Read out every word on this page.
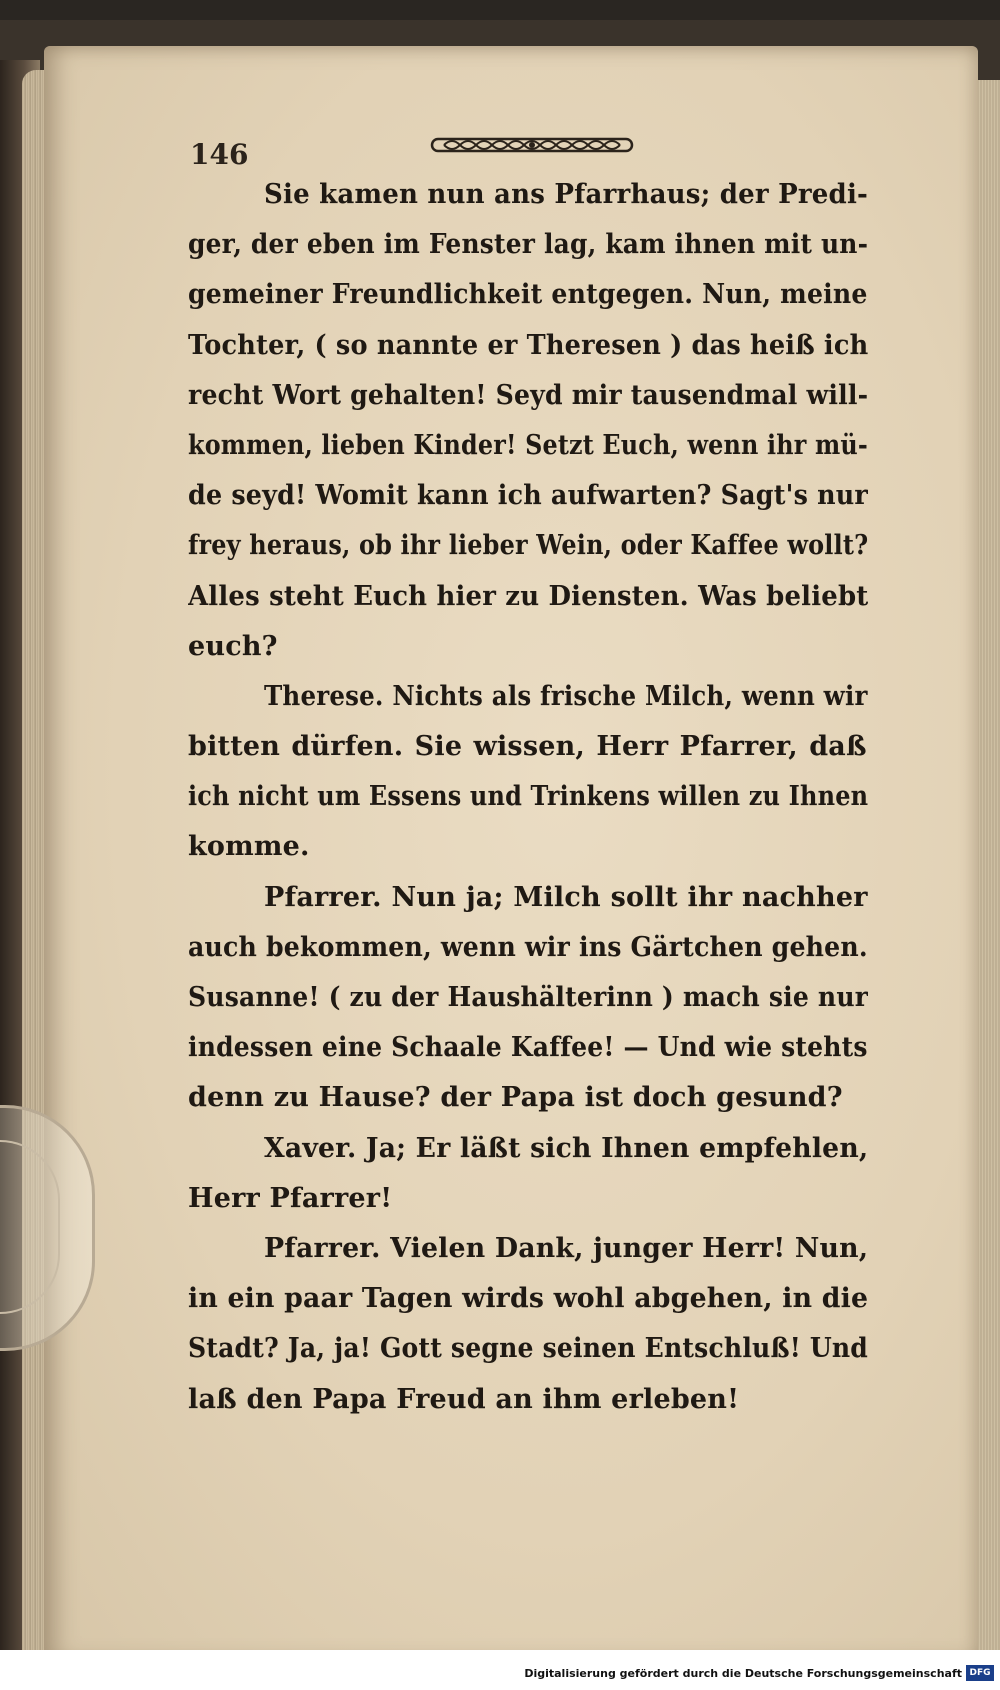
146
Sie kamen nun ans Pfarrhaus; der Predi-
ger, der eben im Fenster lag, kam ihnen mit un-
gemeiner Freundlichkeit entgegen. Nun, meine
Tochter, ( so nannte er Theresen ) das heiß ich
recht Wort gehalten! Seyd mir tausendmal will-
kommen, lieben Kinder! Setzt Euch, wenn ihr mü-
de seyd! Womit kann ich aufwarten? Sagt's nur
frey heraus, ob ihr lieber Wein, oder Kaffee wollt?
Alles steht Euch hier zu Diensten. Was beliebt
euch?
Therese. Nichts als frische Milch, wenn wir
bitten dürfen. Sie wissen, Herr Pfarrer, daß
ich nicht um Essens und Trinkens willen zu Ihnen
komme.
Pfarrer. Nun ja; Milch sollt ihr nachher
auch bekommen, wenn wir ins Gärtchen gehen.
Susanne! ( zu der Haushälterinn ) mach sie nur
indessen eine Schaale Kaffee! — Und wie stehts
denn zu Hause? der Papa ist doch gesund?
Xaver. Ja; Er läßt sich Ihnen empfehlen,
Herr Pfarrer!
Pfarrer. Vielen Dank, junger Herr! Nun,
in ein paar Tagen wirds wohl abgehen, in die
Stadt? Ja, ja! Gott segne seinen Entschluß! Und
laß den Papa Freud an ihm erleben!
Digitalisierung gefördert durch die Deutsche Forschungsgemeinschaft DFG
